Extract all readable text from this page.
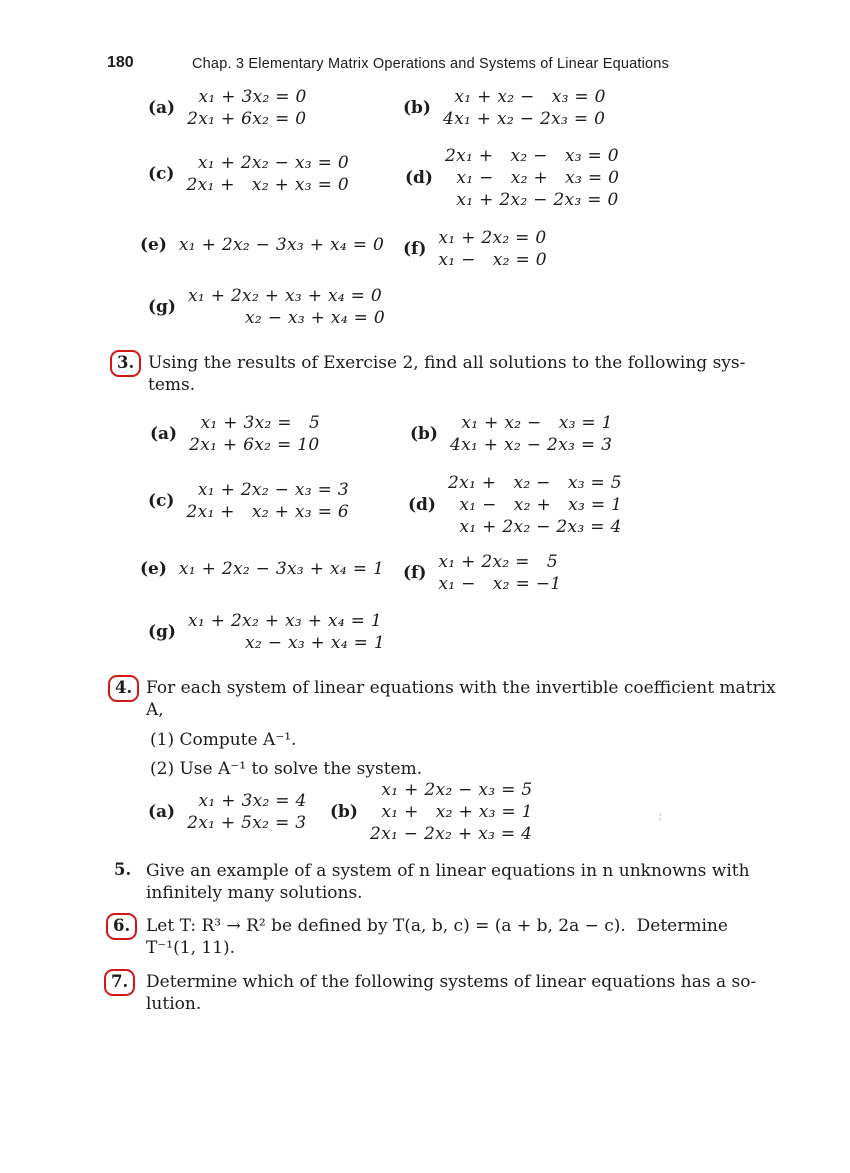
180	Chap. 3 Elementary Matrix Operations and Systems of Linear Equations
(a)
x₁ + 3x₂ = 0
2x₁ + 6x₂ = 0
(b)
x₁ + x₂ −   x₃ = 0
4x₁ + x₂ − 2x₃ = 0
(c)
x₁ + 2x₂ − x₃ = 0
2x₁ +   x₂ + x₃ = 0	(d)
2x₁ +   x₂ −   x₃ = 0
x₁ −   x₂ +   x₃ = 0
x₁ + 2x₂ − 2x₃ = 0
(e) x₁ + 2x₂ − 3x₃ + x₄ = 0 (f)
x₁ + 2x₂ = 0
x₁ −   x₂ = 0
(g)
x₁ + 2x₂ + x₃ + x₄ = 0
x₂ − x₃ + x₄ = 0
3. Using the results of Exercise 2, find all solutions to the following sys-
tems.
(a)
x₁ + 3x₂ =   5
2x₁ + 6x₂ = 10
(b)
x₁ + x₂ −   x₃ = 1
4x₁ + x₂ − 2x₃ = 3
(c)
x₁ + 2x₂ − x₃ = 3
2x₁ +   x₂ + x₃ = 6	(d)
2x₁ +   x₂ −   x₃ = 5
x₁ −   x₂ +   x₃ = 1
x₁ + 2x₂ − 2x₃ = 4
(e) x₁ + 2x₂ − 3x₃ + x₄ = 1 (f)
x₁ + 2x₂ =   5
x₁ −   x₂ = −1
(g)
x₁ + 2x₂ + x₃ + x₄ = 1
x₂ − x₃ + x₄ = 1
4. For each system of linear equations with the invertible coefficient matrix
A,
(1) Compute A⁻¹.
(2) Use A⁻¹ to solve the system.
(a)
x₁ + 3x₂ = 4
2x₁ + 5x₂ = 3
(b)
x₁ + 2x₂ − x₃ = 5
x₁ +   x₂ + x₃ = 1
2x₁ − 2x₂ + x₃ = 4
:
5. Give an example of a system of n linear equations in n unknowns with
infinitely many solutions.
6. Let T: R³ → R² be defined by T(a, b, c) = (a + b, 2a − c).  Determine
T⁻¹(1, 11).
7.	Determine which of the following systems of linear equations has a so-
lution.
